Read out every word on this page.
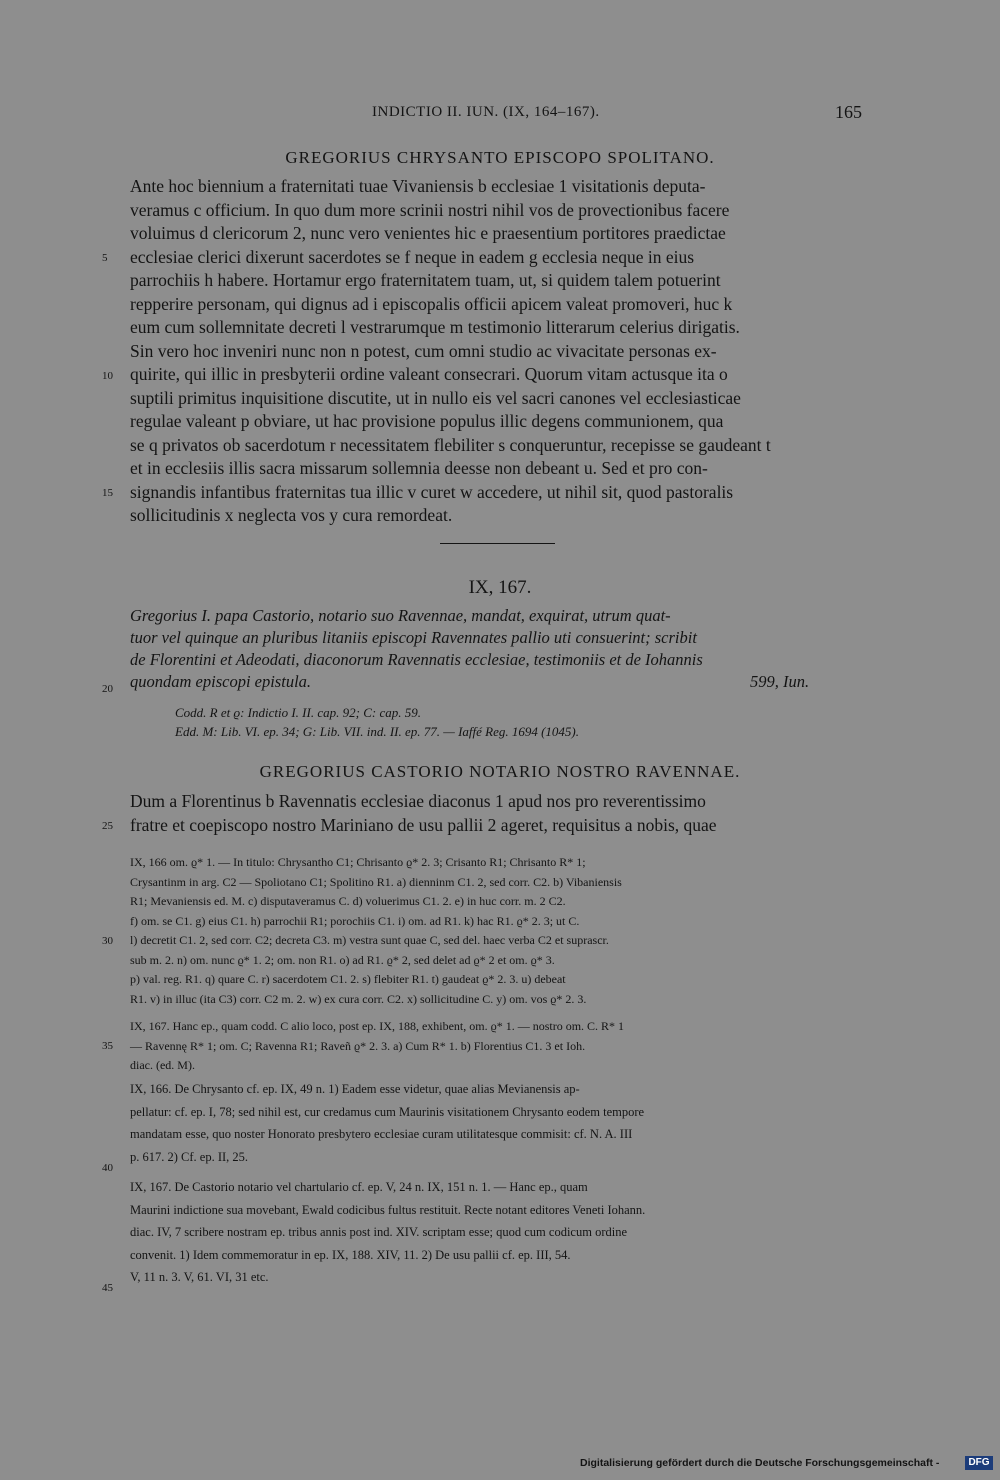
INDICTIO II. IUN. (IX, 164–167).	165
GREGORIUS CHRYSANTO EPISCOPO SPOLITANO.
Ante hoc biennium a fraternitati tuae Vivaniensis b ecclesiae 1 visitationis deputa-
veramus c officium. In quo dum more scrinii nostri nihil vos de provectionibus facere
voluimus d clericorum 2, nunc vero venientes hic e praesentium portitores praedictae
ecclesiae clerici dixerunt sacerdotes se f neque in eadem g ecclesia neque in eius
parrochiis h habere. Hortamur ergo fraternitatem tuam, ut, si quidem talem potuerint
repperire personam, qui dignus ad i episcopalis officii apicem valeat promoveri, huc k
eum cum sollemnitate decreti l vestrarumque m testimonio litterarum celerius dirigatis.
Sin vero hoc inveniri nunc non n potest, cum omni studio ac vivacitate personas ex-
quirite, qui illic in presbyterii ordine valeant consecrari. Quorum vitam actusque ita o
suptili primitus inquisitione discutite, ut in nullo eis vel sacri canones vel ecclesiasticae
regulae valeant p obviare, ut hac provisione populus illic degens communionem, qua
se q privatos ob sacerdotum r necessitatem flebiliter s conqueruntur, recepisse se gaudeant t
et in ecclesiis illis sacra missarum sollemnia deesse non debeant u. Sed et pro con-
signandis infantibus fraternitas tua illic v curet w accedere, ut nihil sit, quod pastoralis
sollicitudinis x neglecta vos y cura remordeat.
5
10
15
IX, 167.
Gregorius I. papa Castorio, notario suo Ravennae, mandat, exquirat, utrum quat-
tuor vel quinque an pluribus litaniis episcopi Ravennates pallio uti consuerint; scribit
de Florentini et Adeodati, diaconorum Ravennatis ecclesiae, testimoniis et de Iohannis
quondam episcopi epistula.	599, Iun.
20
Codd. R et ϱ: Indictio I. II. cap. 92; C: cap. 59.
Edd. M: Lib. VI. ep. 34; G: Lib. VII. ind. II. ep. 77. — Iaffé Reg. 1694 (1045).
GREGORIUS CASTORIO NOTARIO NOSTRO RAVENNAE.
Dum a Florentinus b Ravennatis ecclesiae diaconus 1 apud nos pro reverentissimo
fratre et coepiscopo nostro Mariniano de usu pallii 2 ageret, requisitus a nobis, quae
25
IX, 166 om. ϱ* 1. — In titulo: Chrysantho C1; Chrisanto ϱ* 2. 3; Crisanto R1; Chrisanto R* 1;
Crysantinm in arg. C2 — Spoliotano C1; Spolitino R1. a) dienninm C1. 2, sed corr. C2. b) Vibaniensis
R1; Mevaniensis ed. M. c) disputaveramus C. d) voluerimus C1. 2. e) in huc corr. m. 2 C2.
f) om. se C1. g) eius C1. h) parrochii R1; porochiis C1. i) om. ad R1. k) hac R1. ϱ* 2. 3; ut C.
l) decretit C1. 2, sed corr. C2; decreta C3. m) vestra sunt quae C, sed del. haec verba C2 et suprascr.
sub m. 2. n) om. nunc ϱ* 1. 2; om. non R1. o) ad R1. ϱ* 2, sed delet ad ϱ* 2 et om. ϱ* 3.
p) val. reg. R1. q) quare C. r) sacerdotem C1. 2. s) flebiter R1. t) gaudeat ϱ* 2. 3. u) debeat
R1. v) in illuc (ita C3) corr. C2 m. 2. w) ex cura corr. C2. x) sollicitudine C. y) om. vos ϱ* 2. 3.
IX, 167. Hanc ep., quam codd. C alio loco, post ep. IX, 188, exhibent, om. ϱ* 1. — nostro om. C. R* 1
— Ravennę R* 1; om. C; Ravenna R1; Raveñ ϱ* 2. 3. a) Cum R* 1. b) Florentius C1. 3 et Ioh.
diac. (ed. M).
30
35
IX, 166. De Chrysanto cf. ep. IX, 49 n. 1) Eadem esse videtur, quae alias Mevianensis ap-
pellatur: cf. ep. I, 78; sed nihil est, cur credamus cum Maurinis visitationem Chrysanto eodem tempore
mandatam esse, quo noster Honorato presbytero ecclesiae curam utilitatesque commisit: cf. N. A. III
p. 617. 2) Cf. ep. II, 25.
IX, 167. De Castorio notario vel chartulario cf. ep. V, 24 n. IX, 151 n. 1. — Hanc ep., quam
Maurini indictione sua movebant, Ewald codicibus fultus restituit. Recte notant editores Veneti Iohann.
diac. IV, 7 scribere nostram ep. tribus annis post ind. XIV. scriptam esse; quod cum codicum ordine
convenit. 1) Idem commemoratur in ep. IX, 188. XIV, 11. 2) De usu pallii cf. ep. III, 54.
V, 11 n. 3. V, 61. VI, 31 etc.
40
45
Digitalisierung gefördert durch die Deutsche Forschungsgemeinschaft -	DFG
